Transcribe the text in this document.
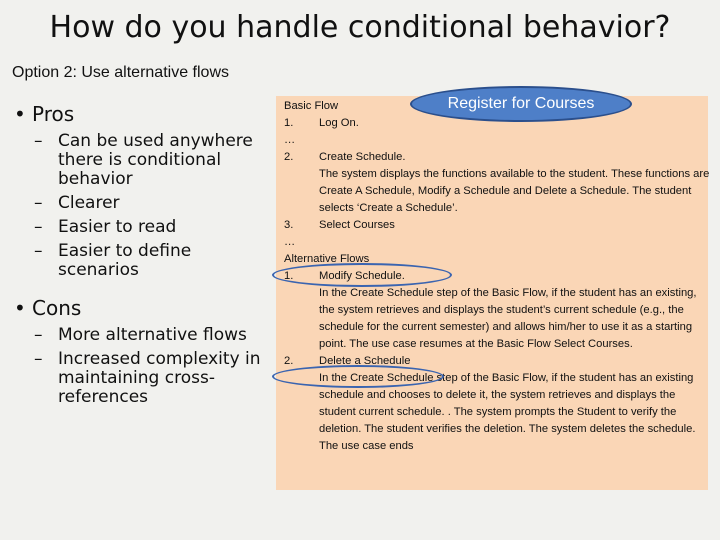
How do you handle conditional behavior?
Option 2: Use alternative flows
• Pros
– Can be used anywhere there is conditional behavior
– Clearer
– Easier to read
– Easier to define scenarios
• Cons
– More alternative flows
– Increased complexity in maintaining cross-references
Basic Flow
1. Log On.
…
2. Create Schedule.
The system displays the functions available to the student. These functions are Create A Schedule, Modify a Schedule and Delete a Schedule. The student selects ‘Create a Schedule’.
3. Select Courses
…
Alternative Flows
1. Modify Schedule.
In the Create Schedule step of the Basic Flow, if the student has an existing, the system retrieves and displays the student’s current schedule (e.g., the schedule for the current semester) and allows him/her to use it as a starting point. The use case resumes at the Basic Flow Select Courses.
2. Delete a Schedule
In the Create Schedule step of the Basic Flow, if the student has an existing schedule and chooses to delete it, the system retrieves and displays the student current schedule. . The system prompts the Student to verify the deletion. The student verifies the deletion. The system deletes the schedule. The use case ends
Register for Courses
